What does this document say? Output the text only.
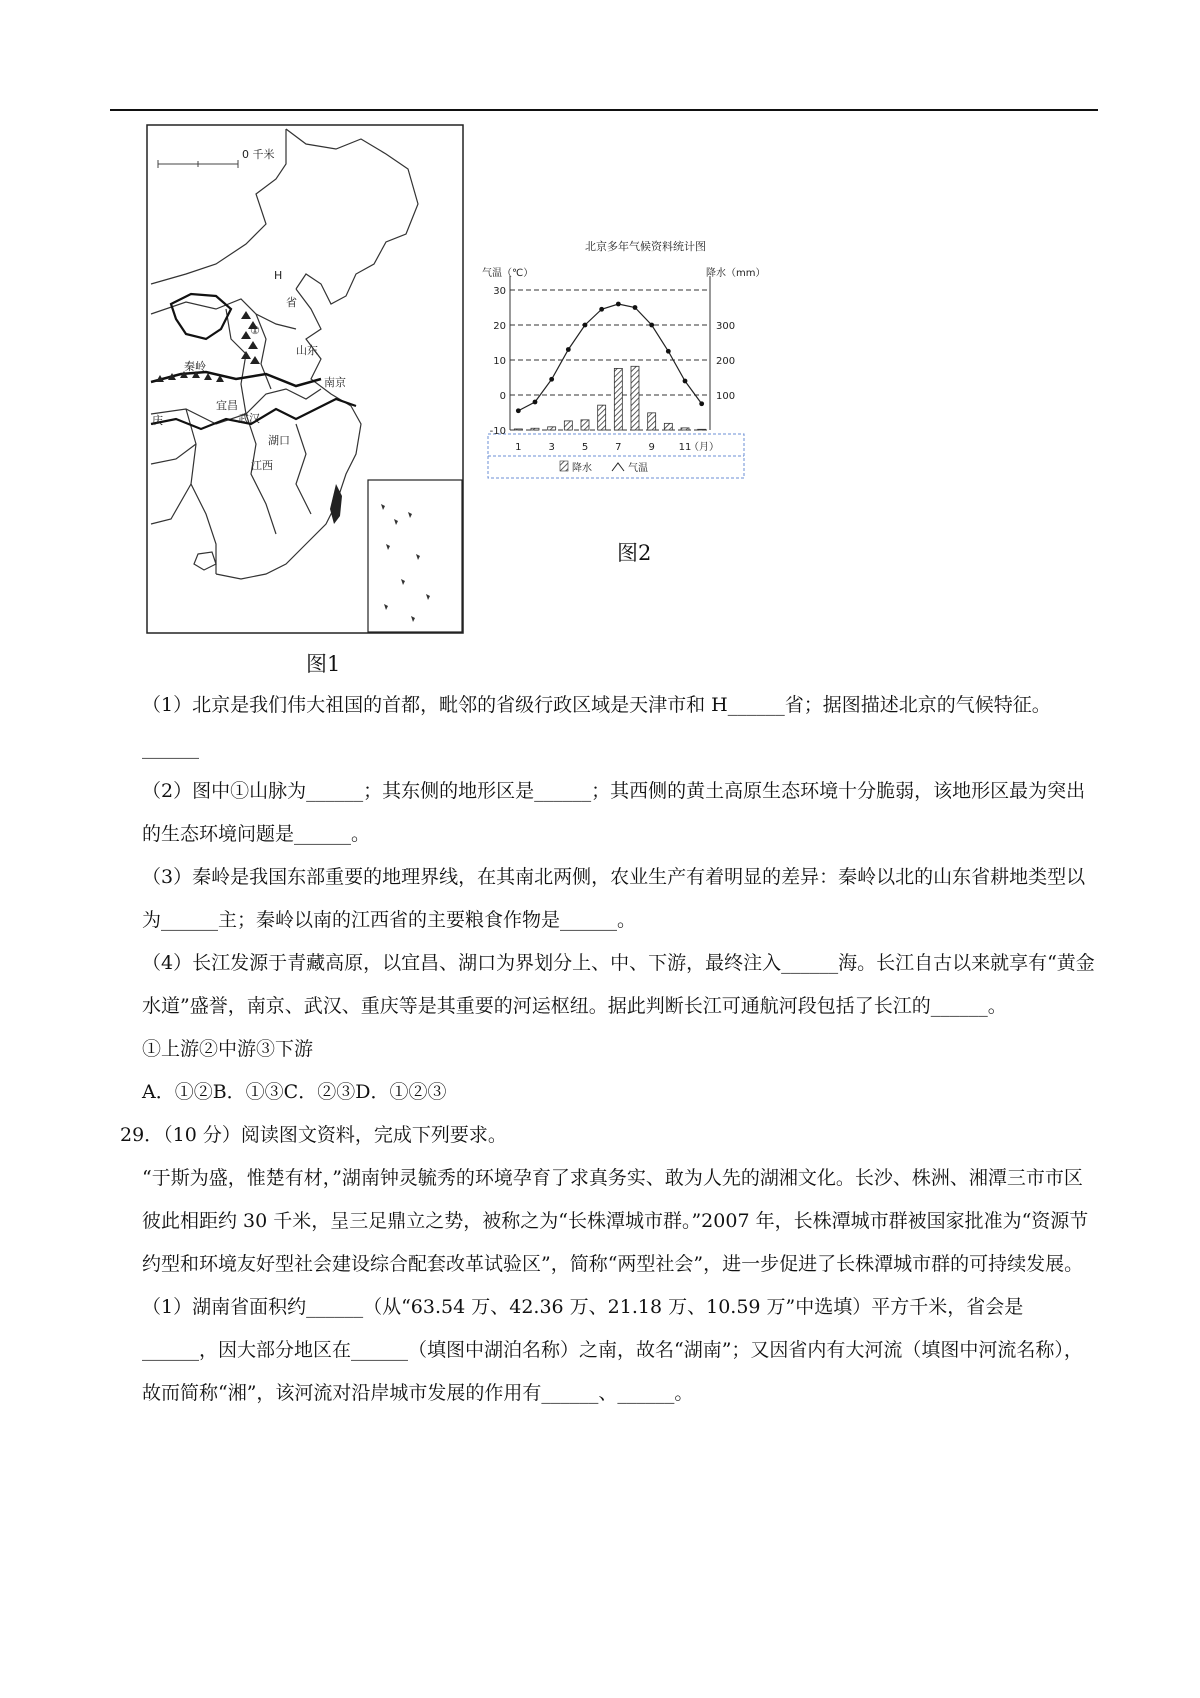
0 千米
H
省
①
山东
秦岭
南京
宜昌
武汉
湖口
江西
庆
图1
北京多年气候资料统计图
气温（℃）	降水（mm）
30
20
10
0
-10
300
200
100
1	3	5	7	9 11
（月）
降水	气温
图2

（1）北京是我们伟大祖国的首都，毗邻的省级行政区域是天津市和 H______省；据图描述北京的气候特征。______

（2）图中①山脉为______；其东侧的地形区是______；其西侧的黄土高原生态环境十分脆弱，该地形区最为突出的生态环境问题是______。

（3）秦岭是我国东部重要的地理界线，在其南北两侧，农业生产有着明显的差异：秦岭以北的山东省耕地类型以为______主；秦岭以南的江西省的主要粮食作物是______。

（4）长江发源于青藏高原，以宜昌、湖口为界划分上、中、下游，最终注入______海。长江自古以来就享有“黄金水道”盛誉，南京、武汉、重庆等是其重要的河运枢纽。据此判断长江可通航河段包括了长江的______。

①上游②中游③下游

A．①②B．①③C．②③D．①②③

29．（10 分）阅读图文资料，完成下列要求。

“于斯为盛，惟楚有材，”湖南钟灵毓秀的环境孕育了求真务实、敢为人先的湖湘文化。长沙、株洲、湘潭三市市区彼此相距约 30 千米，呈三足鼎立之势，被称之为“长株潭城市群。”2007 年，长株潭城市群被国家批准为“资源节约型和环境友好型社会建设综合配套改革试验区”，简称“两型社会”，进一步促进了长株潭城市群的可持续发展。

（1）湖南省面积约______（从“63.54 万、42.36 万、21.18 万、10.59 万”中选填）平方千米，省会是______，因大部分地区在______（填图中湖泊名称）之南，故名“湖南”；又因省内有大河流（填图中河流名称），故而简称“湘”，该河流对沿岸城市发展的作用有______、______。
